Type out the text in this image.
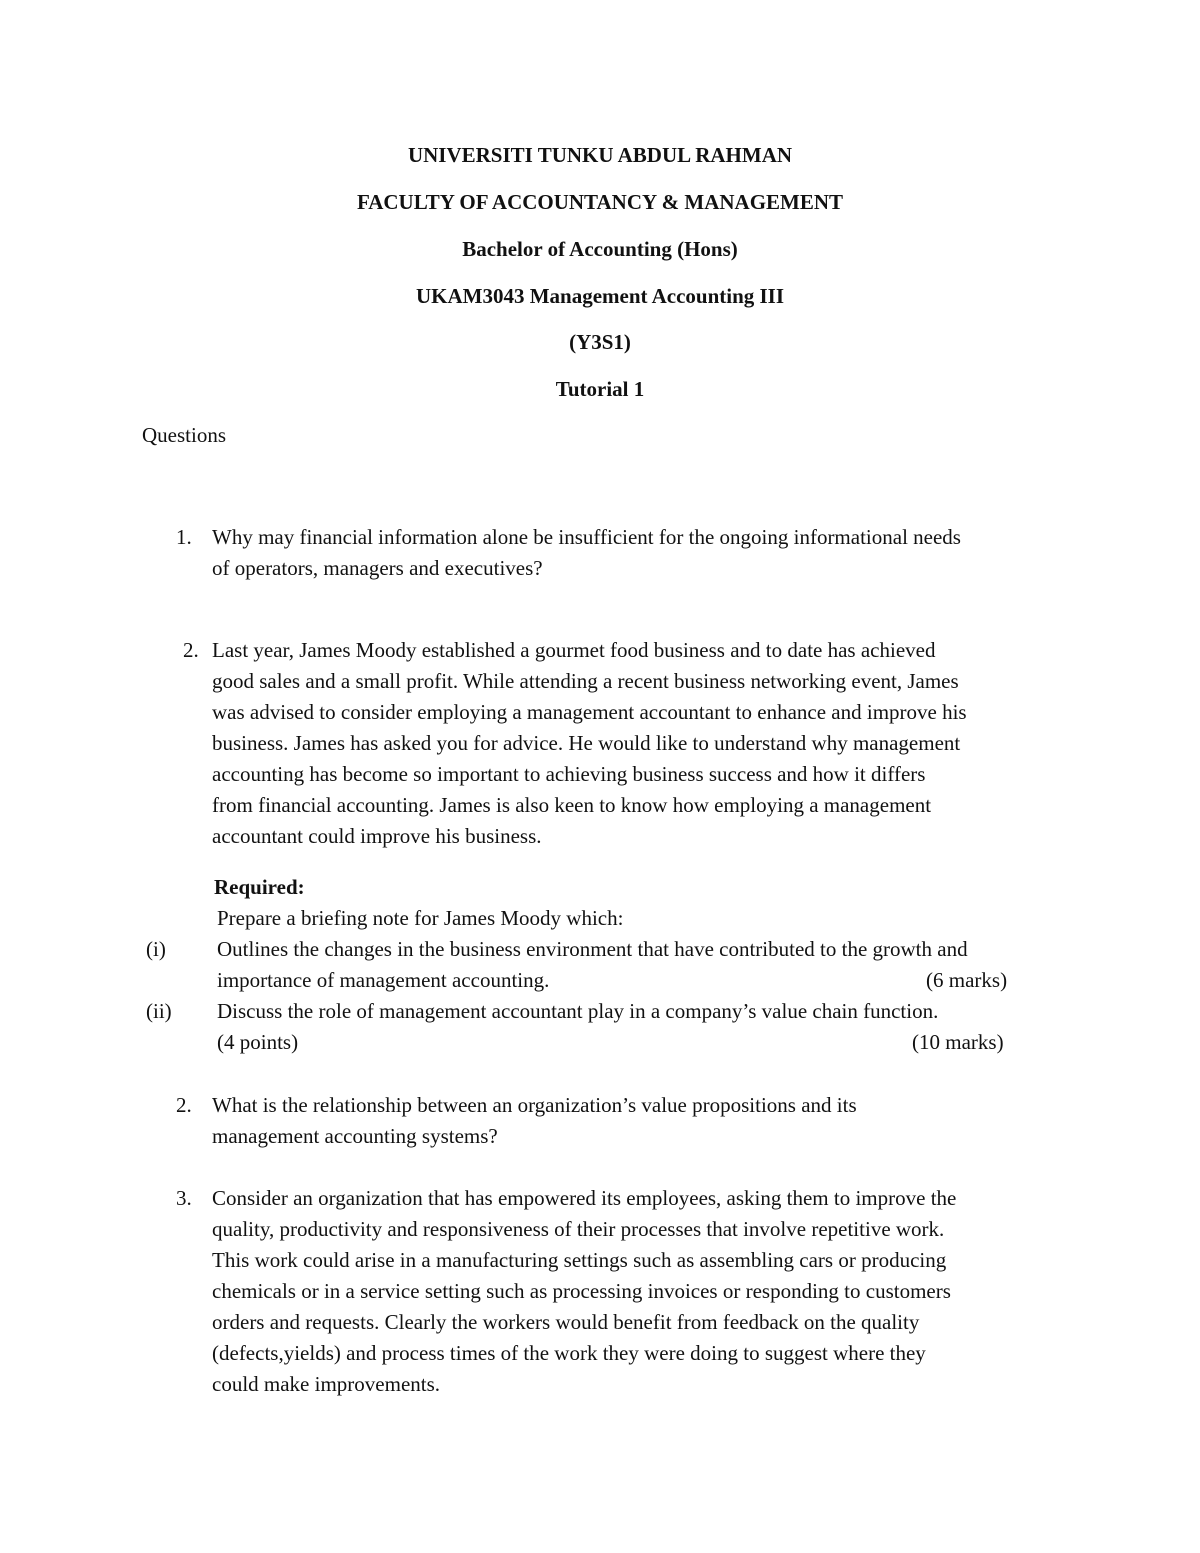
UNIVERSITI TUNKU ABDUL RAHMAN
FACULTY OF ACCOUNTANCY & MANAGEMENT
Bachelor of Accounting (Hons)
UKAM3043 Management Accounting III
(Y3S1)
Tutorial 1
Questions
1. Why may financial information alone be insufficient for the ongoing informational needs
of operators, managers and executives?
2. Last year, James Moody established a gourmet food business and to date has achieved
good sales and a small profit. While attending a recent business networking event, James
was advised to consider employing a management accountant to enhance and improve his
business. James has asked you for advice. He would like to understand why management
accounting has become so important to achieving business success and how it differs
from financial accounting. James is also keen to know how employing a management
accountant could improve his business.
Required:
Prepare a briefing note for James Moody which:
(i) Outlines the changes in the business environment that have contributed to the growth and
importance of management accounting.	(6 marks)
(ii) Discuss the role of management accountant play in a company’s value chain function.
(4 points)	(10 marks)
2. What is the relationship between an organization’s value propositions and its
management accounting systems?
3. Consider an organization that has empowered its employees, asking them to improve the
quality, productivity and responsiveness of their processes that involve repetitive work.
This work could arise in a manufacturing settings such as assembling cars or producing
chemicals or in a service setting such as processing invoices or responding to customers
orders and requests. Clearly the workers would benefit from feedback on the quality
(defects,yields) and process times of the work they were doing to suggest where they
could make improvements.
